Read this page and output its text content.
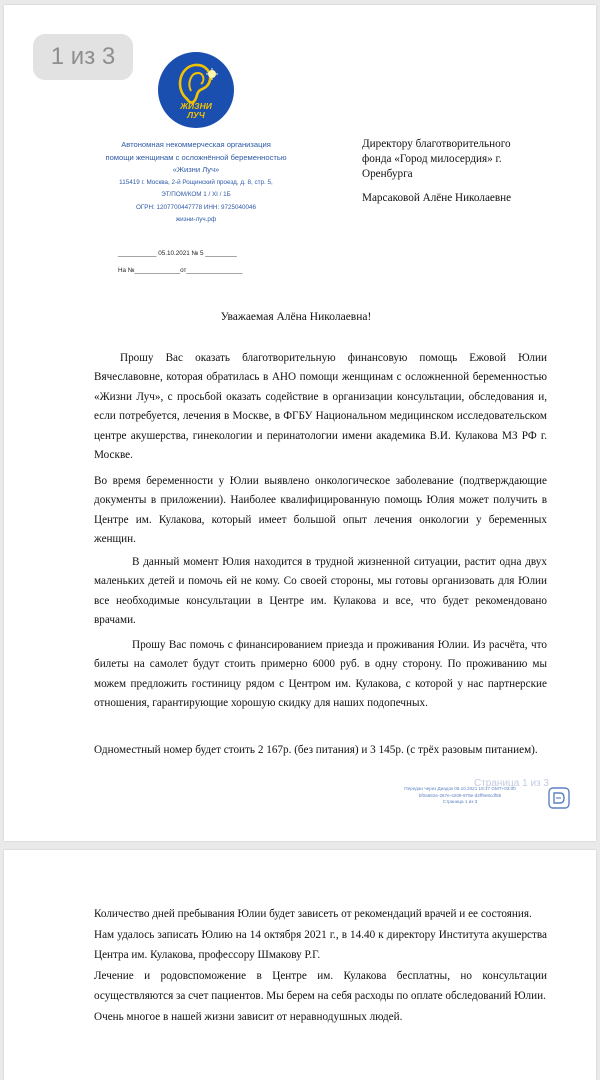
1 из 3
ЖИЗНИ
ЛУЧ
Автономная некоммерческая организация
помощи женщинам с осложнённой беременностью
«Жизни Луч»
115419 г. Москва, 2-й Рощинский проезд, д. 8, стр. 5,
ЭТ/ПОМ/КОМ 1 / XI / 1Б
ОГРН: 1207700447778 ИНН: 9725040046
жизни-луч.рф
___________ 05.10.2021 № 5 _________
На №_____________от________________
Директору благотворительного
фонда «Город милосердия» г.
Оренбурга
Марсаковой Алёне Николаевне
Уважаемая Алёна Николаевна!

Прошу Вас оказать благотворительную финансовую помощь Ежовой Юлии Вячеславовне, которая обратилась в АНО помощи женщинам с осложненной беременностью «Жизни Луч», с просьбой оказать содействие в организации консультации, обследования и, если потребуется, лечения в Москве, в ФГБУ Национальном медицинском исследовательском центре акушерства, гинекологии и перинатологии имени академика В.И. Кулакова МЗ РФ г. Москве.

Во время беременности у Юлии выявлено онкологическое заболевание (подтверждающие документы в приложении). Наиболее квалифицированную помощь Юлия может получить в Центре им. Кулакова, который имеет большой опыт лечения онкологии у беременных женщин.

В данный момент Юлия находится в трудной жизненной ситуации, растит одна двух маленьких детей и помочь ей не кому. Со своей стороны, мы готовы организовать для Юлии все необходимые консультации в Центре им. Кулакова и все, что будет рекомендовано врачами.

Прошу Вас помочь с финансированием приезда и проживания Юлии. Из расчёта, что билеты на самолет будут стоить примерно 6000 руб. в одну сторону. По проживанию мы можем предложить гостиницу рядом с Центром им. Кулакова, с которой у нас партнерские отношения, гарантирующие хорошую скидку для наших подопечных.

Одноместный номер будет стоить 2 167р. (без питания) и 3 145р. (с трёх разовым питанием).

Страница 1 из 3
Передан через Диадок 05.10.2021 19:17 GMT+03:00
bf0a662e-267e-4208-978e-d2ff9e8cdf65
Страница 1 из 3

Количество дней пребывания Юлии будет зависеть от рекомендаций врачей и ее состояния.

Нам удалось записать Юлию на 14 октября 2021 г., в 14.40 к директору Института акушерства Центра им. Кулакова, профессору Шмакову Р.Г.

Лечение и родовспоможение в Центре им. Кулакова бесплатны, но консультации осуществляются за счет пациентов. Мы берем на себя расходы по оплате обследований Юлии.

Очень многое в нашей жизни зависит от неравнодушных людей.
